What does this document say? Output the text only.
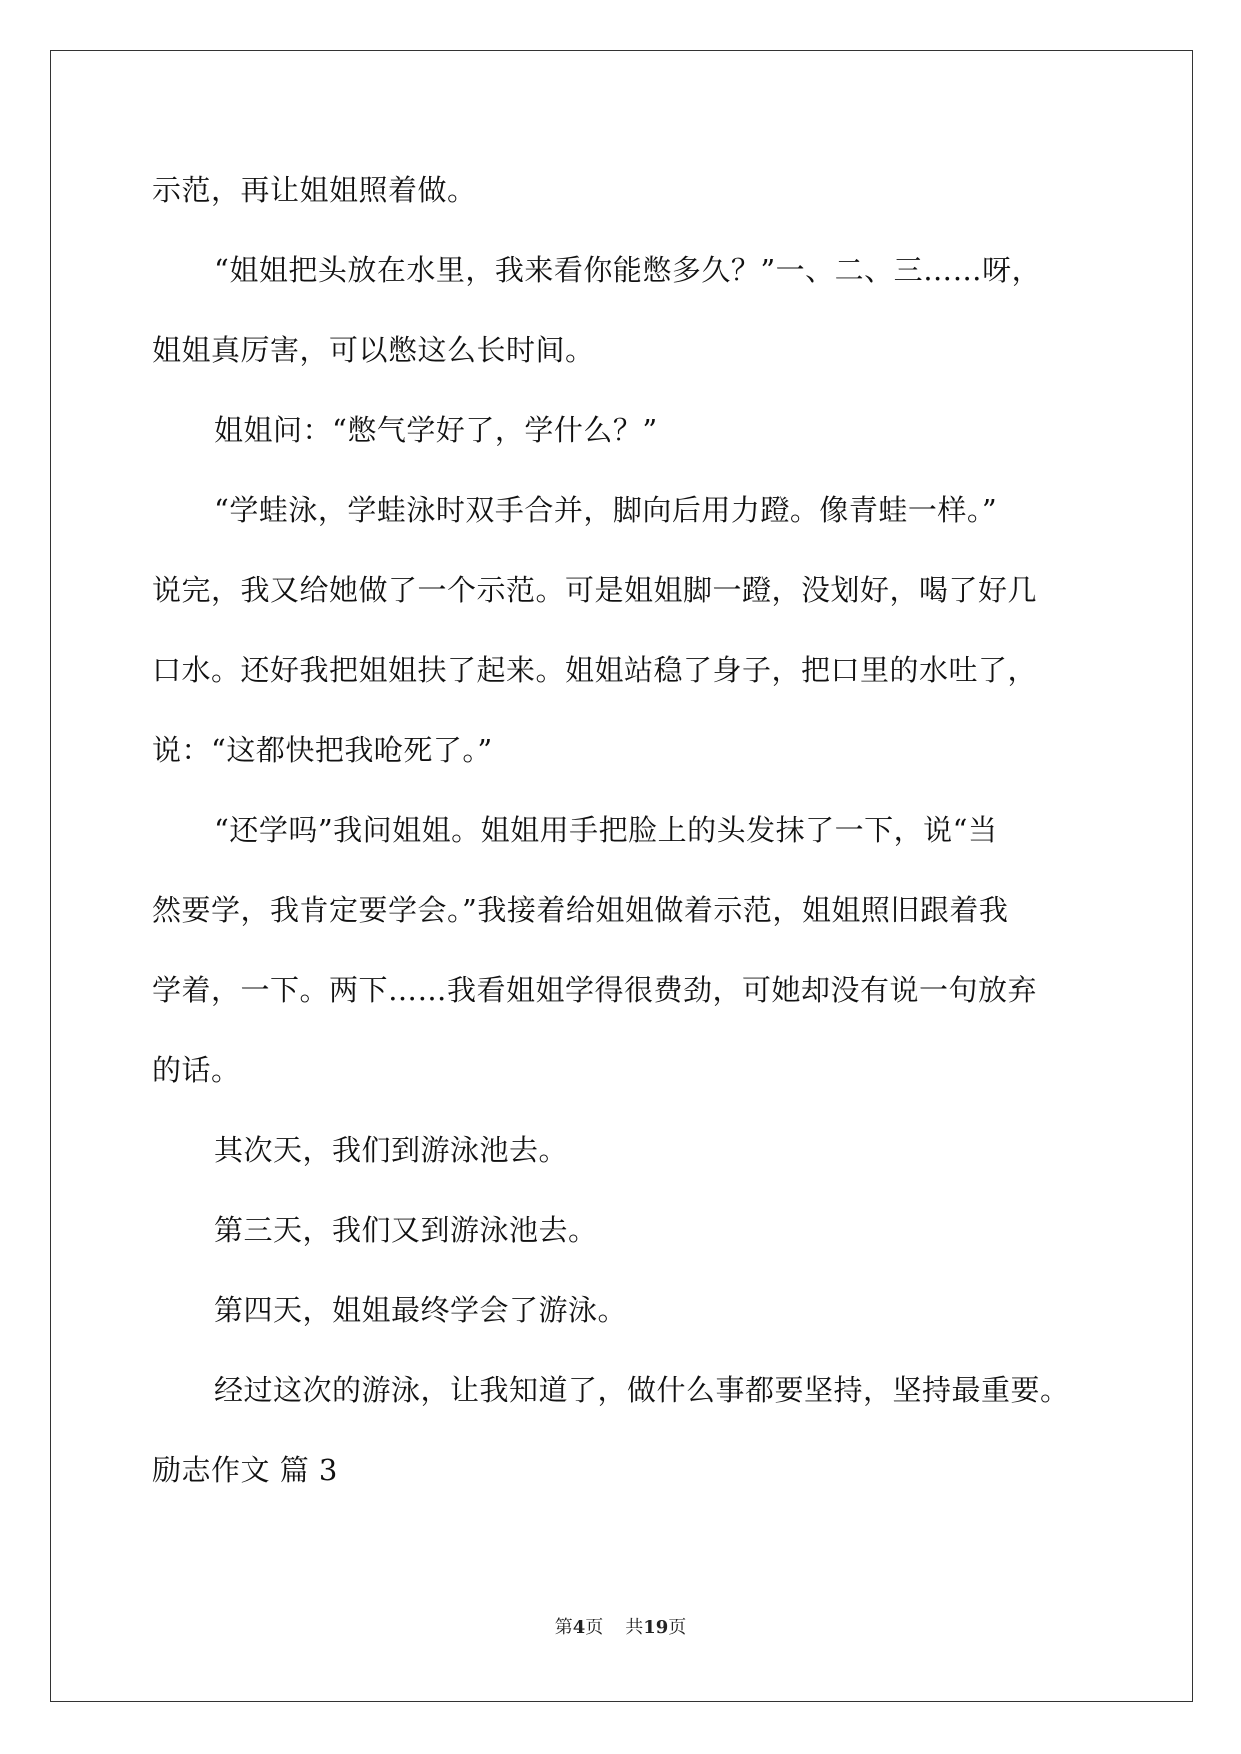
示范，再让姐姐照着做。
“姐姐把头放在水里，我来看你能憋多久？”一、二、三……呀，
姐姐真厉害，可以憋这么长时间。
姐姐问：“憋气学好了，学什么？”
“学蛙泳，学蛙泳时双手合并，脚向后用力蹬。像青蛙一样。”
说完，我又给她做了一个示范。可是姐姐脚一蹬，没划好，喝了好几
口水。还好我把姐姐扶了起来。姐姐站稳了身子，把口里的水吐了，
说：“这都快把我呛死了。”
“还学吗”我问姐姐。姐姐用手把脸上的头发抹了一下，说“当
然要学，我肯定要学会。”我接着给姐姐做着示范，姐姐照旧跟着我
学着，一下。两下……我看姐姐学得很费劲，可她却没有说一句放弃
的话。
其次天，我们到游泳池去。
第三天，我们又到游泳池去。
第四天，姐姐最终学会了游泳。
经过这次的游泳，让我知道了，做什么事都要坚持，坚持最重要。
励志作文 篇 3
第4页 共19页
